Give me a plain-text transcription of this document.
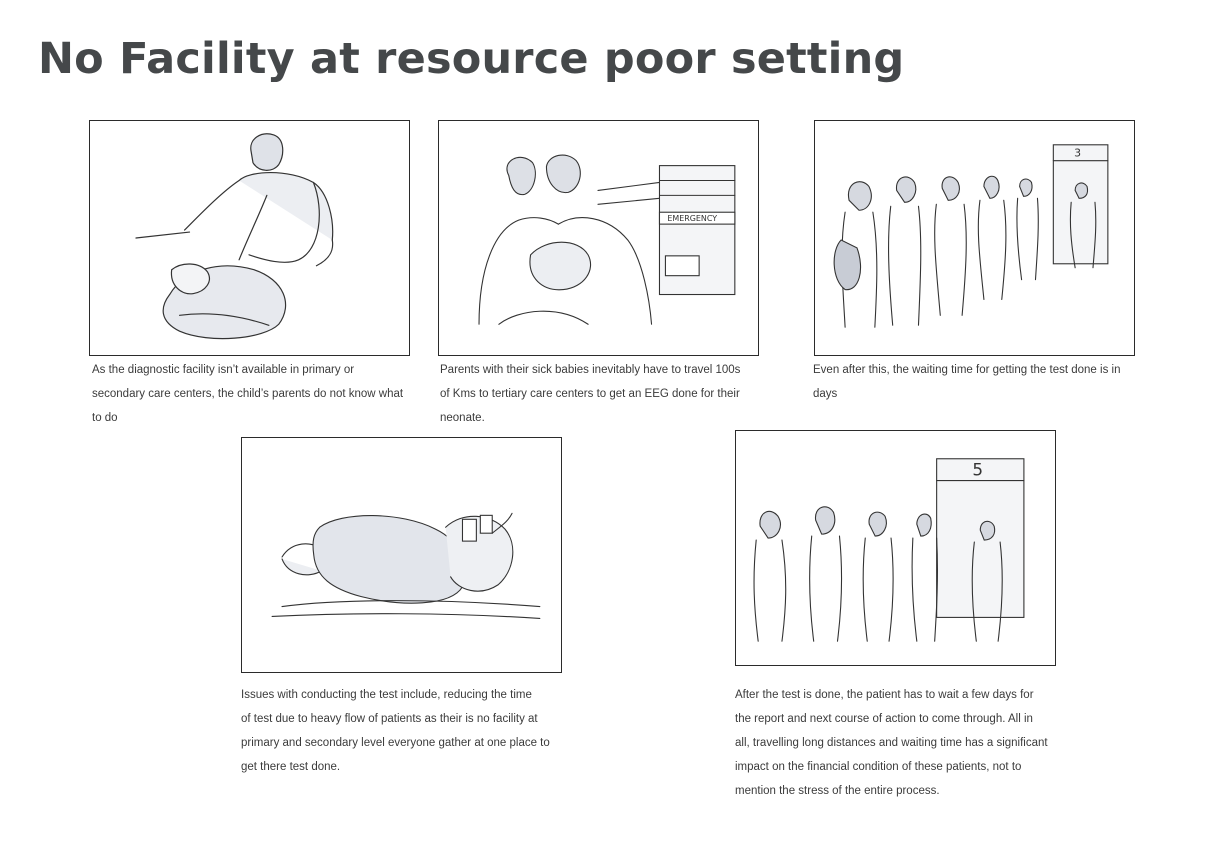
No Facility at resource poor setting
As the diagnostic facility isn’t available in primary or
secondary care centers, the child’s parents do not know what
to do
EMERGENCY
Parents with their sick babies inevitably have to travel 100s
of Kms to tertiary care centers to get an EEG done for their
neonate.
3
Even after this, the waiting time for getting the test done is in
days
Issues with conducting the test include, reducing the time
of test due to heavy flow of patients as their is no facility at
primary and secondary level everyone gather at one place to
get there test done.
5
After the test is done, the patient has to wait a few days for
the report and next course of action to come through. All in
all, travelling long distances and waiting time has a significant
impact on the financial condition of these patients, not to
mention the stress of the entire process.
